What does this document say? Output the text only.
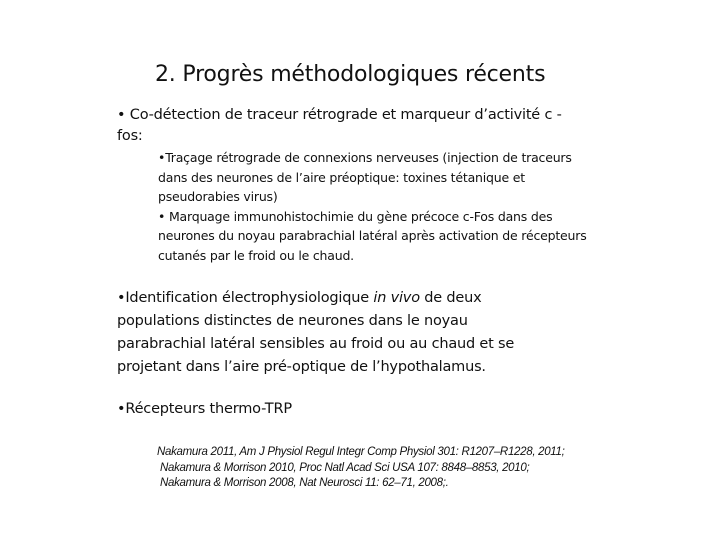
2. Progrès méthodologiques récents
• Co-détection de traceur rétrograde et marqueur d’activité c -fos:
•Traçage rétrograde de connexions nerveuses (injection de traceurs dans des neurones de l’aire préoptique: toxines tétanique et pseudorabies virus)
• Marquage immunohistochimie du gène précoce c-Fos dans des neurones du noyau parabrachial latéral après activation de récepteurs cutanés par le froid ou le chaud.
•Identification électrophysiologique in vivo de deux populations distinctes de neurones dans le noyau parabrachial latéral sensibles au froid ou au chaud et se projetant dans l’aire pré-optique de l’hypothalamus.
•Récepteurs thermo-TRP
Nakamura 2011, Am J Physiol Regul Integr Comp Physiol 301: R1207–R1228, 2011;
Nakamura & Morrison 2010, Proc Natl Acad Sci USA 107: 8848–8853, 2010;
Nakamura & Morrison 2008, Nat Neurosci 11: 62–71, 2008;.
